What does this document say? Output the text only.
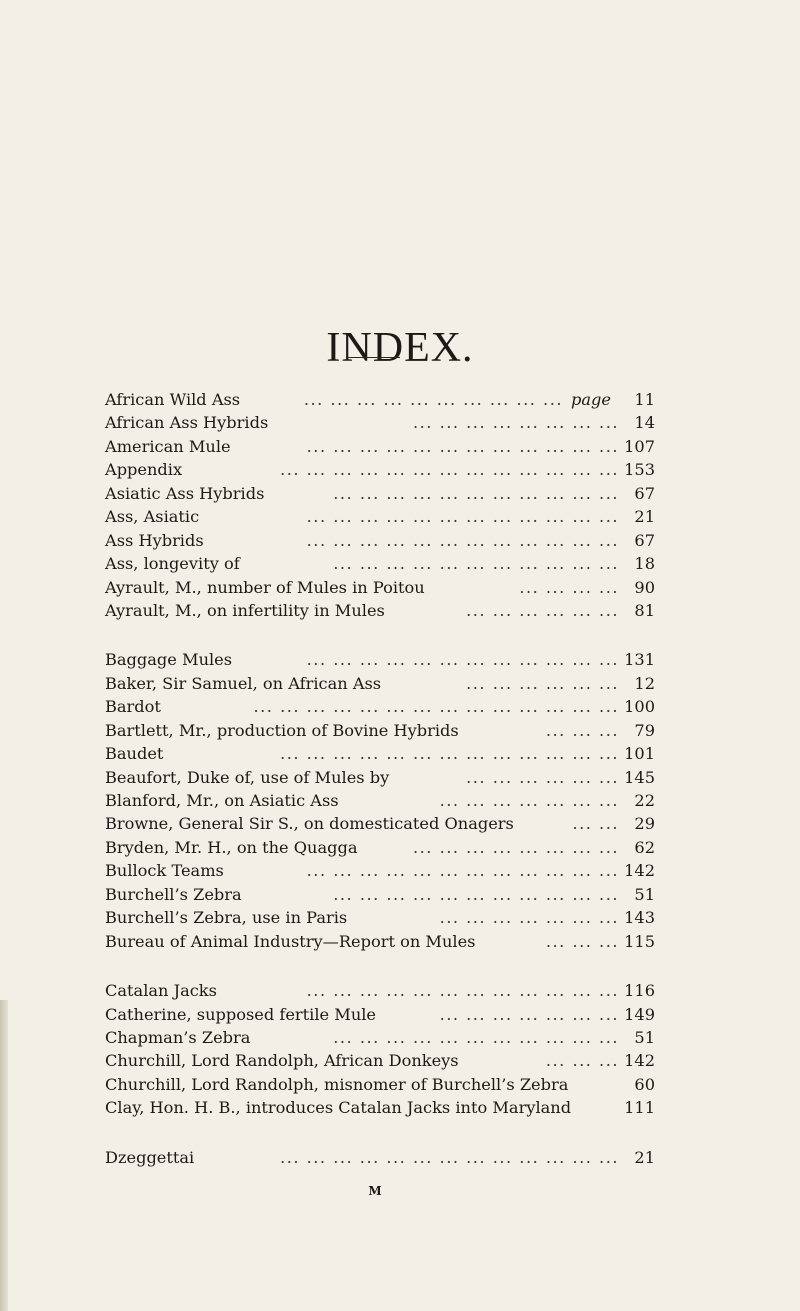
INDEX.
... ... ... ... ... ... ... ... ... ...
African Wild Ass	page	11
... ... ... ... ... ... ... ...
African Ass Hybrids	14
... ... ... ... ... ... ... ... ... ... ... ...
American Mule	107
... ... ... ... ... ... ... ... ... ... ... ... ...
Appendix	153
... ... ... ... ... ... ... ... ... ... ...
Asiatic Ass Hybrids	67
... ... ... ... ... ... ... ... ... ... ... ...
Ass, Asiatic	21
... ... ... ... ... ... ... ... ... ... ... ...
Ass Hybrids	67
... ... ... ... ... ... ... ... ... ... ...
Ass, longevity of	18
... ... ... ...
Ayrault, M., number of Mules in Poitou	90
... ... ... ... ... ...
Ayrault, M., on infertility in Mules	81
... ... ... ... ... ... ... ... ... ... ... ...
Baggage Mules	131
... ... ... ... ... ...
Baker, Sir Samuel, on African Ass	12
... ... ... ... ... ... ... ... ... ... ... ... ... ...
Bardot	100
... ... ...
Bartlett, Mr., production of Bovine Hybrids	79
... ... ... ... ... ... ... ... ... ... ... ... ...
Baudet	101
... ... ... ... ... ...
Beaufort, Duke of, use of Mules by	145
... ... ... ... ... ... ...
Blanford, Mr., on Asiatic Ass	22
... ...
Browne, General Sir S., on domesticated Onagers	29
... ... ... ... ... ... ... ...
Bryden, Mr. H., on the Quagga	62
... ... ... ... ... ... ... ... ... ... ... ...
Bullock Teams	142
... ... ... ... ... ... ... ... ... ... ...
Burchell’s Zebra	51
... ... ... ... ... ... ...
Burchell’s Zebra, use in Paris	143
... ... ...
Bureau of Animal Industry—Report on Mules	115
... ... ... ... ... ... ... ... ... ... ... ...
Catalan Jacks	116
... ... ... ... ... ... ...
Catherine, supposed fertile Mule	149
... ... ... ... ... ... ... ... ... ... ...
Chapman’s Zebra	51
... ... ...
Churchill, Lord Randolph, African Donkeys	142
Churchill, Lord Randolph, misnomer of Burchell’s Zebra	60
Clay, Hon. H. B., introduces Catalan Jacks into Maryland	111
... ... ... ... ... ... ... ... ... ... ... ... ...
Dzeggettai	21
M
